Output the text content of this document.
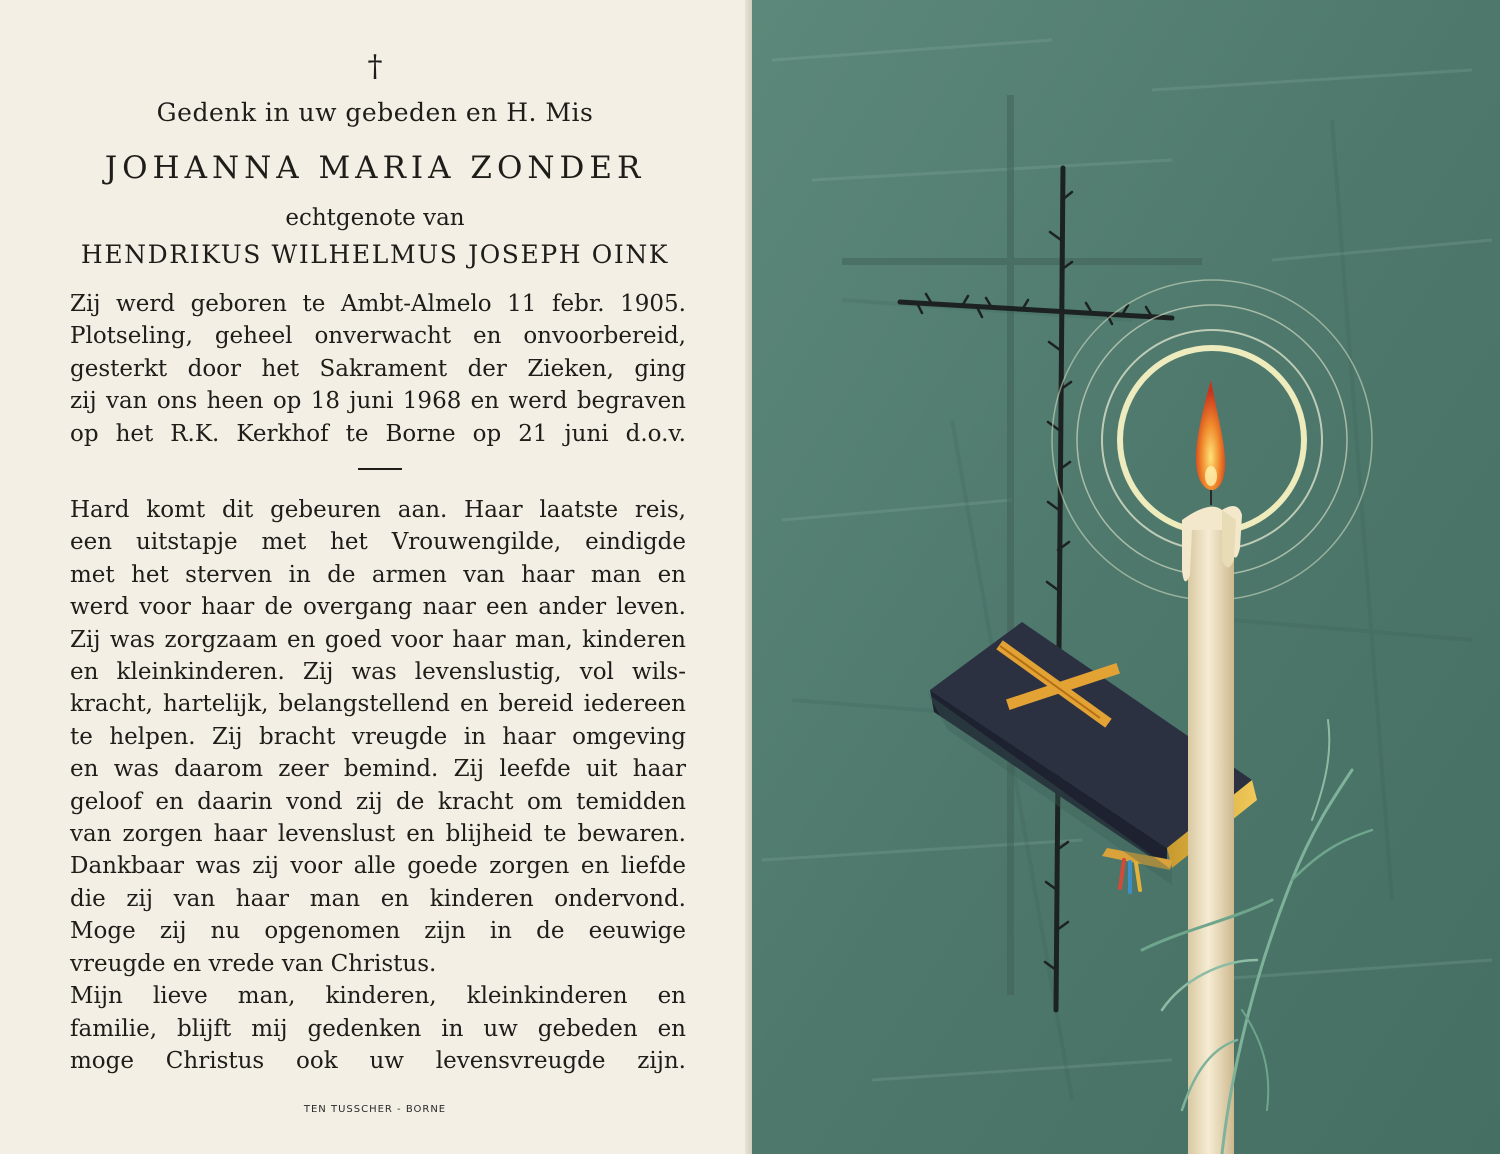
†
Gedenk in uw gebeden en H. Mis
JOHANNA MARIA ZONDER
echtgenote van
HENDRIKUS WILHELMUS JOSEPH OINK
Zij werd geboren te Ambt-Almelo 11 febr. 1905.
Plotseling, geheel onverwacht en onvoorbereid,
gesterkt door het Sakrament der Zieken, ging
zij van ons heen op 18 juni 1968 en werd begraven
op het R.K. Kerkhof te Borne op 21 juni d.o.v.
Hard komt dit gebeuren aan. Haar laatste reis,
een uitstapje met het Vrouwengilde, eindigde
met het sterven in de armen van haar man en
werd voor haar de overgang naar een ander leven.
Zij was zorgzaam en goed voor haar man, kinderen
en kleinkinderen. Zij was levenslustig, vol wils-
kracht, hartelijk, belangstellend en bereid iedereen
te helpen. Zij bracht vreugde in haar omgeving
en was daarom zeer bemind. Zij leefde uit haar
geloof en daarin vond zij de kracht om temidden
van zorgen haar levenslust en blijheid te bewaren.
Dankbaar was zij voor alle goede zorgen en liefde
die zij van haar man en kinderen ondervond.
Moge zij nu opgenomen zijn in de eeuwige
vreugde en vrede van Christus.
Mijn lieve man, kinderen, kleinkinderen en
familie, blijft mij gedenken in uw gebeden en
moge Christus ook uw levensvreugde zijn.
TEN TUSSCHER - BORNE
